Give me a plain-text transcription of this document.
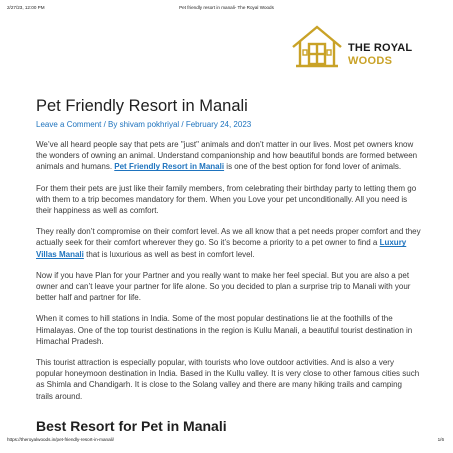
2/27/23, 12:00 PM	Pet friendly resort in manali- The Royal Woods
THE ROYAL
WOODS
Pet Friendly Resort in Manali
Leave a Comment / By shivam pokhriyal / February 24, 2023

We’ve all heard people say that pets are "just" animals and don’t matter in our lives. Most pet owners know the wonders of owning an animal. Understand companionship and how beautiful bonds are formed between animals and humans. Pet Friendly Resort in Manali is one of the best option for fond lover of animals.

For them their pets are just like their family members, from celebrating their birthday party to letting them go with them to a trip becomes mandatory for them. When you Love your pet unconditionally. All you need is their happiness as well as comfort.

They really don’t compromise on their comfort level. As we all know that a pet needs proper comfort and they actually seek for their comfort wherever they go. So it’s become a priority to a pet owner to find a Luxury Villas Manali that is luxurious as well as best in comfort level.

Now if you have Plan for your Partner and you really want to make her feel special. But you are also a pet owner and can’t leave your partner for life alone. So you decided to plan a surprise trip to Manali with your better half and partner for life.

When it comes to hill stations in India. Some of the most popular destinations lie at the foothills of the Himalayas. One of the top tourist destinations in the region is Kullu Manali, a beautiful tourist destination in Himachal Pradesh.

This tourist attraction is especially popular, with tourists who love outdoor activities. And is also a very popular honeymoon destination in India. Based in the Kullu valley. It is very close to other famous cities such as Shimla and Chandigarh. It is close to the Solang valley and there are many hiking trails and camping trails around.

Best Resort for Pet in Manali
https://theroyalwoods.in/pet-friendly-resort-in-manali/	1/6
